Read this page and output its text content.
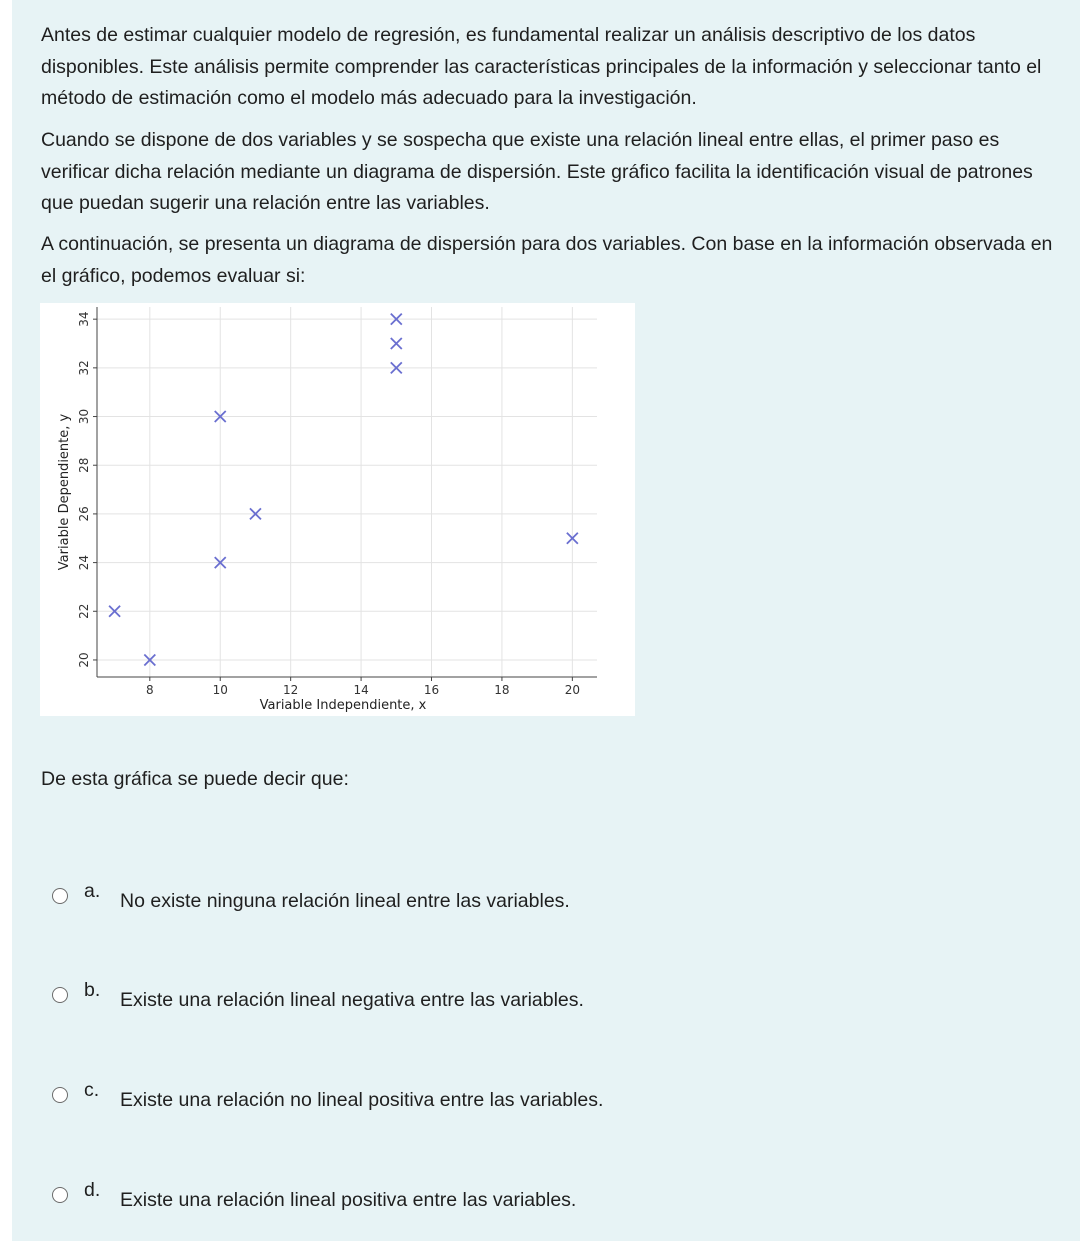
Antes de estimar cualquier modelo de regresión, es fundamental realizar un análisis descriptivo de los datos disponibles. Este análisis permite comprender las características principales de la información y seleccionar tanto el método de estimación como el modelo más adecuado para la investigación.

Cuando se dispone de dos variables y se sospecha que existe una relación lineal entre ellas, el primer paso es verificar dicha relación mediante un diagrama de dispersión. Este gráfico facilita la identificación visual de patrones que puedan sugerir una relación entre las variables.

A continuación, se presenta un diagrama de dispersión para dos variables. Con base en la información observada en el gráfico, podemos evaluar si:

8	10	12	14	16	18	20
20
22
24
26
28
30
32
34
Variable Independiente, x
Variable Dependiente, y

De esta gráfica se puede decir que:

a. No existe ninguna relación lineal entre las variables.
b. Existe una relación lineal negativa entre las variables.
c. Existe una relación no lineal positiva entre las variables.
d. Existe una relación lineal positiva entre las variables.
